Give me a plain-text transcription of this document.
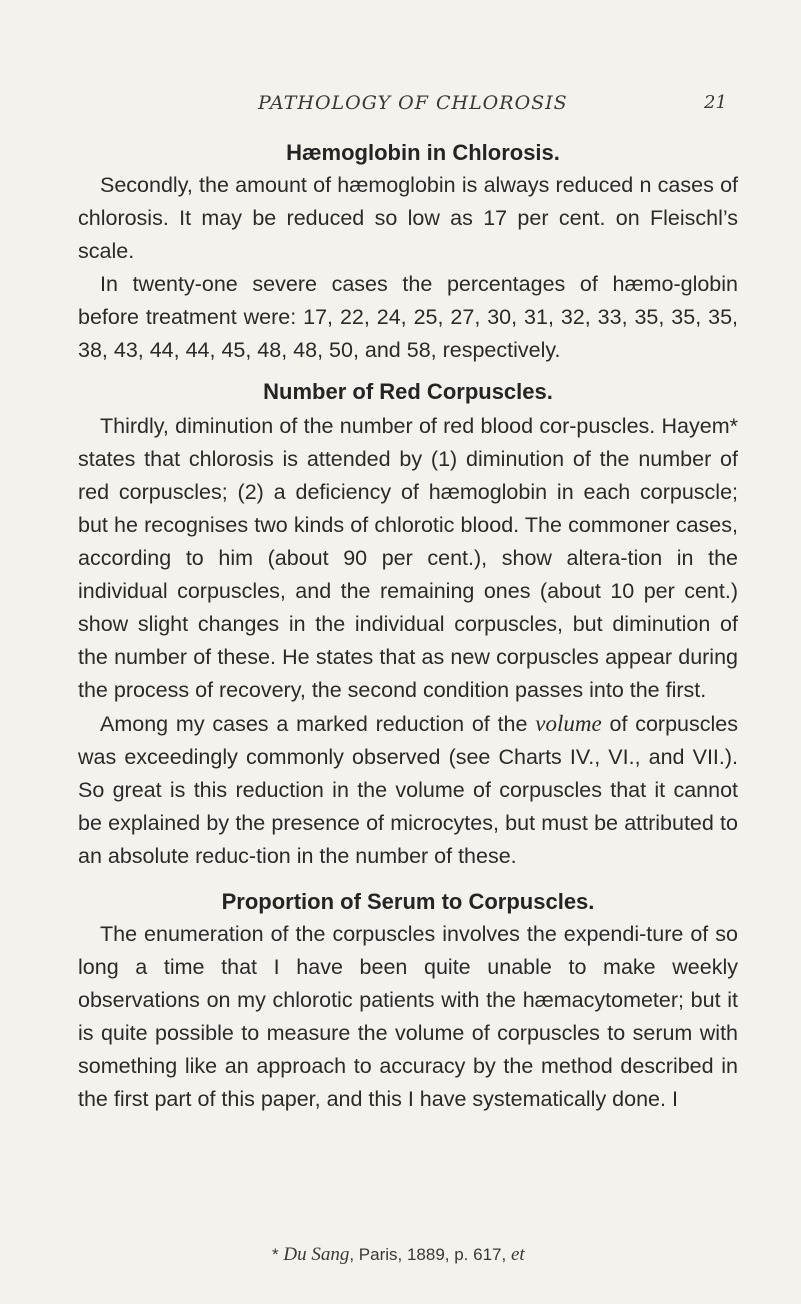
PATHOLOGY OF CHLOROSIS	21
Hæmoglobin in Chlorosis.

Secondly, the amount of hæmoglobin is always reduced n cases of chlorosis. It may be reduced so low as 17 per cent. on Fleischl’s scale.

In twenty-one severe cases the percentages of hæmo-globin before treatment were: 17, 22, 24, 25, 27, 30, 31, 32, 33, 35, 35, 35, 38, 43, 44, 44, 45, 48, 48, 50, and 58, respectively.

Number of Red Corpuscles.

Thirdly, diminution of the number of red blood cor-puscles. Hayem* states that chlorosis is attended by (1) diminution of the number of red corpuscles; (2) a deficiency of hæmoglobin in each corpuscle; but he recognises two kinds of chlorotic blood. The commoner cases, according to him (about 90 per cent.), show altera-tion in the individual corpuscles, and the remaining ones (about 10 per cent.) show slight changes in the individual corpuscles, but diminution of the number of these. He states that as new corpuscles appear during the process of recovery, the second condition passes into the first.

Among my cases a marked reduction of the volume of corpuscles was exceedingly commonly observed (see Charts IV., VI., and VII.). So great is this reduction in the volume of corpuscles that it cannot be explained by the presence of microcytes, but must be attributed to an absolute reduc-tion in the number of these.

Proportion of Serum to Corpuscles.

The enumeration of the corpuscles involves the expendi-ture of so long a time that I have been quite unable to make weekly observations on my chlorotic patients with the hæmacytometer; but it is quite possible to measure the volume of corpuscles to serum with something like an approach to accuracy by the method described in the first part of this paper, and this I have systematically done. I

* Du Sang, Paris, 1889, p. 617, et
